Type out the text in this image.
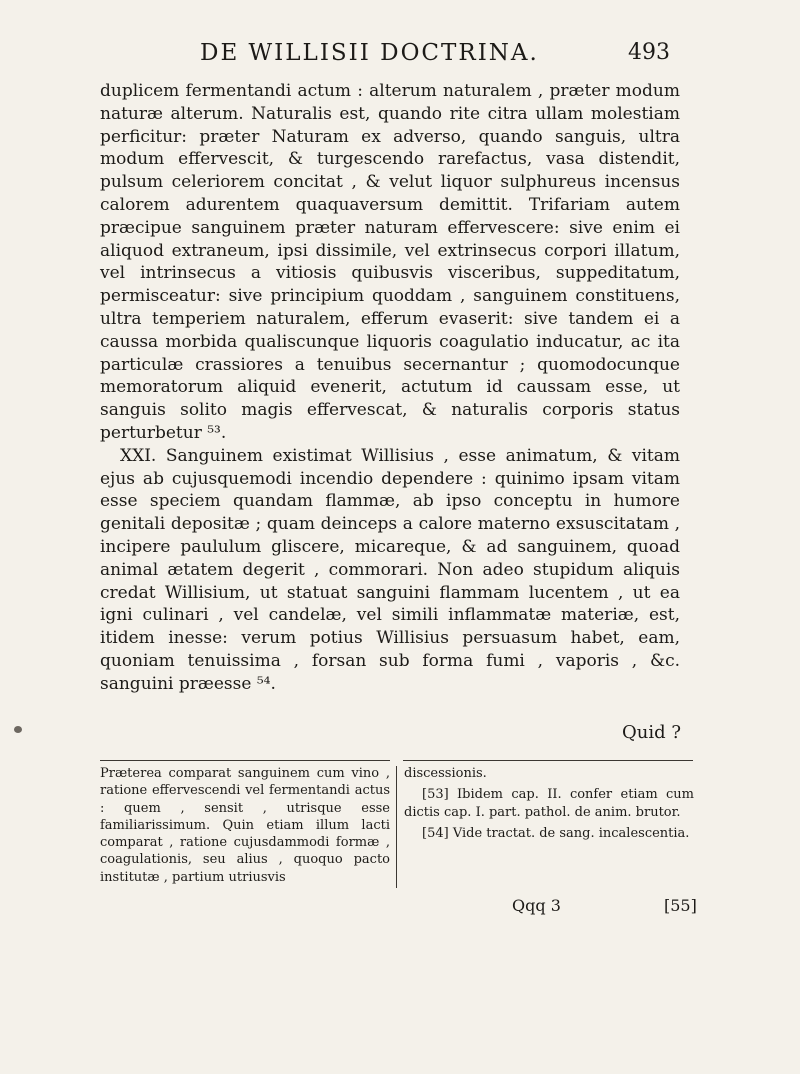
DE WILLISII DOCTRINA.	493

duplicem fermentandi actum : alterum naturalem , præter modum naturæ alterum. Naturalis est, quando rite citra ullam molestiam perficitur: præter Naturam ex adverso, quando sanguis, ultra modum effervescit, & turgescendo rarefactus, vasa distendit, pulsum celeriorem concitat , & velut liquor sulphureus incensus calorem adurentem quaquaversum demittit. Trifariam autem præcipue sanguinem præter naturam effervescere: sive enim ei aliquod extraneum, ipsi dissimile, vel extrinsecus corpori illatum, vel intrinsecus a vitiosis quibusvis visceribus, suppeditatum, permisceatur: sive principium quoddam , sanguinem constituens, ultra temperiem naturalem, efferum evaserit: sive tandem ei a caussa morbida qualiscunque liquoris coagulatio inducatur, ac ita particulæ crassiores a tenuibus secernantur ; quomodocunque memoratorum aliquid evenerit, actutum id caussam esse, ut sanguis solito magis effervescat, & naturalis corporis status perturbetur ⁵³.

XXI. Sanguinem existimat Willisius , esse animatum, & vitam ejus ab cujusquemodi incendio dependere : quinimo ipsam vitam esse speciem quandam flammæ, ab ipso conceptu in humore genitali depositæ ; quam deinceps a calore materno exsuscitatam , incipere paululum gliscere, micareque, & ad sanguinem, quoad animal ætatem degerit , commorari. Non adeo stupidum aliquis credat Willisium, ut statuat sanguini flammam lucentem , ut ea igni culinari , vel candelæ, vel simili inflammatæ materiæ, est, itidem inesse: verum potius Willisius persuasum habet, eam, quoniam tenuissima , forsan sub forma fumi , vaporis , &c. sanguini præesse ⁵⁴.

Quid ?
Præterea comparat sanguinem cum vino , ratione effervescendi vel fermentandi actus : quem , sensit , utrisque esse familiarissimum. Quin etiam illum lacti comparat , ratione cujusdammodi formæ , coagulationis, seu alius , quoquo pacto institutæ , partium utriusvis

discessionis.

[53] Ibidem cap. II. confer etiam cum dictis cap. I. part. pathol. de anim. brutor.

[54] Vide tractat. de sang. incalescentia.

Qqq 3	[55]
